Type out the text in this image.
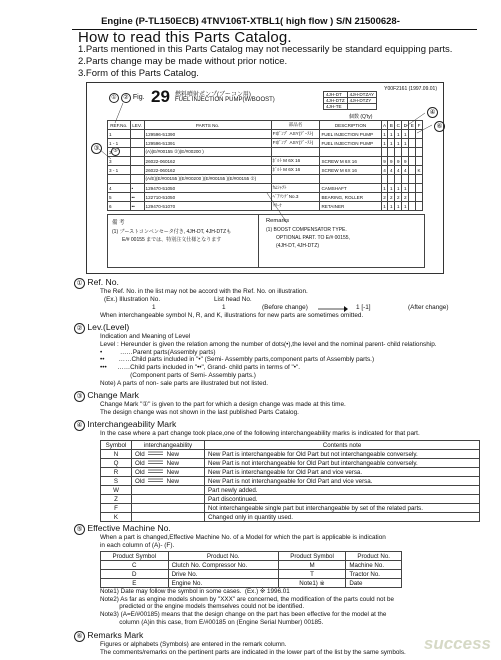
Engine (P-TL150ECB) 4TNV106T-XTBL1( high flow ) S/N 21500628-
How to read this Parts Catalog.
1.Parts mentioned in this Parts Catalog may not necessarily be standard equipping parts.
2.Parts change may be made without prior notice.
3.Form of this Parts Catalog.
Y00F2161 (1997.09.01)
① ② Fig. 29 燃料噴射ポンプ(ブーコン用)
FUEL INJECTION PUMP(W/BOOST)
4JH-DT	4JH-DTZAY
4JH-DTZ	4JH-DTZY
4JH-TE	
③
④
⑥
⑤
REF.No.	LEV.	PARTS No.	部品名	DESCRIPTION	A	B	C	D	E	F
1		129596-51390	FIﾎﾟﾝﾌﾟ ASY(ﾌﾞｰｽﾄ)	FUEL INJECTION PUMP	1	1	1	1		
1 - 1		129596-51391	FIﾎﾟﾝﾌﾟ ASY(ﾌﾞｰｽﾄ)	FUEL INJECTION PUMP	1	1	1	1		
3		(A)(E/#00155 ②)(E/#00200 )								
3		26022-060162	ﾎﾞﾙﾄ M 6X 16	SCREW M 6X 16	9	9	9	9		
3 - 1		26022-060162	ﾎﾞﾙﾄ M 6X 16	SCREW M 6X 16	4	4	4	4		K
		(A/E)(E/#00155 )(E/#00200 )(E/#00155 )(E/#00155 ②)								
4	•	129470-51050	ｶﾑｼｬﾌﾄ	CAMSHAFT	1	1	1	1		
5	••	122710-51050	ﾍﾞｱﾘﾝｸﾞNo.3	BEARING, ROLLER	2	2	2	2		
6	••	129470-51070	ﾘﾃｰﾅ	RETAINER	1	1	1	1		
個数 (Q'ty)
備 考
(1) ブーストコンペンセータ付き, 4JH-DT, 4JH-DTZも
E/# 00155 までは、特別注文仕様となります
Remarks
(1) BOOST COMPENSATOR TYPE.
OPTIONAL PART. TO E/# 00155,
(4JH-DT, 4JH-DTZ)
① Ref. No.
The Ref. No. in the list may not be accord with the Ref. No. on illustration.
(Ex.) Illustration No.	List head No.
1	1	(Before change)	1 [-1]	(After change)
When interchangeable symbol N, R, and K, illustrations for new parts are sometimes omitted.
② Lev.(Level)
Indication and Meaning of Level
Level : Hereunder is given the relation among the number of dots(•),the level and the nominal parent- child relationship.
•          ……Parent parts(Assembly parts)
••        ……Child parts included in "•" (Semi- Assembly parts,component parts of Assembly parts.)
•••      ……Child parts included in "••", Grand- child parts in terms of "•".
(Component parts of Semi- Assembly parts.)
Note) A parts of non- sale parts are illustrated but not listed.
③ Change Mark
Change Mark "①" is given to the part for which a design change was made at this time.
The design change was not shown in the last published Parts Catalog.
④ Interchangeability Mark
In the case where a part change took place,one of the following interchangeability marks is indicated for that part.
Symbol	interchangeability	Contents note
N	Old New	New Part is interchangeable for Old Part but not interchangeable conversely.
Q	Old New	New Part is not interchangeable for Old Part but interchangeable conversely.
R	Old New	New Part is interchangeable for Old Part and vice versa.
S	Old New	New Part is not interchangeable for Old Part and vice versa.
W		Part newly added.
Z		Part discontinued.
F		Not interchangeable single part but interchangeable by set of the related parts.
K		Changed only in quantity used.
⑤ Effective Machine No.
When a part is changed,Effective Machine No. of a Model for which the part is applicable is indication
in each column of (A)- (F).
Product Symbol	Product No.	Product Symbol	Product No.
C	Clutch No. Compressor No.	M	Machine No.
D	Drive No.	T	Tractor No.
E	Engine No.	Note1) ※	Date
Note1) Date may follow the symbol in some cases.  (Ex.) ※ 1996.01
Note2) As far as engine models shown by "XXX" are concerned, the modification of the parts could not be
predicted or the engine models themselves could not be identified.
Note3) (A=E/#00185) means that the design change on the part has been effective for the model at the
column (A)in this case, from E/#00185 on (Engine Serial Number) 00185.
⑥ Remarks Mark
Figures or alphabets (Symbols) are entered in the remark column.
The comments/remarks on the pertinent parts are indicated in the lower part of the list by the same symbols. success
